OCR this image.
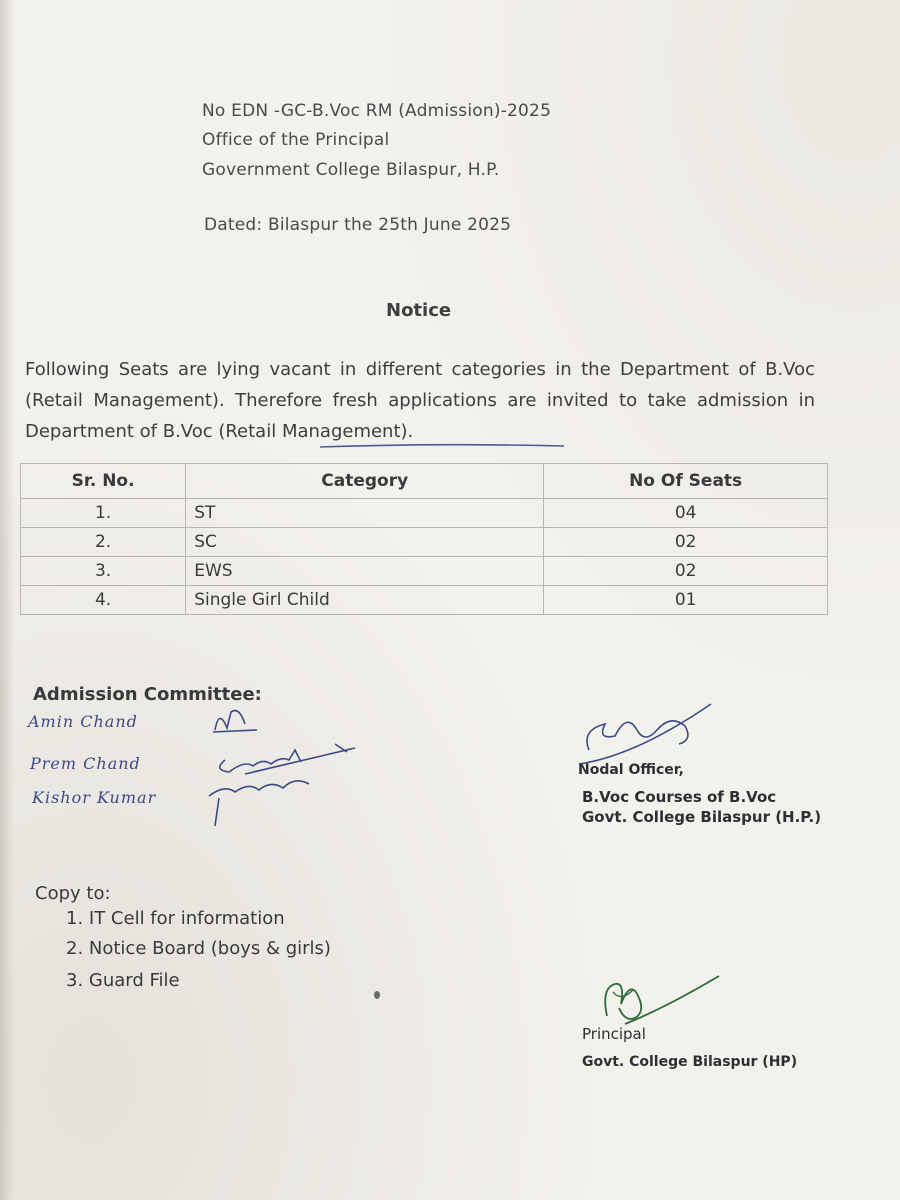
No EDN -GC-B.Voc RM (Admission)-2025
Office of the Principal
Government College Bilaspur, H.P.
Dated: Bilaspur the 25th June 2025
Notice
Following Seats are lying vacant in different categories in the Department of B.Voc (Retail Management). Therefore fresh applications are invited to take admission in Department of B.Voc (Retail Management).
Sr. No.	Category	No Of Seats
1.	ST	04
2.	SC	02
3.	EWS	02
4.	Single Girl Child	01
Admission Committee:
Amin Chand
Prem Chand
Kishor Kumar
Nodal Officer,
B.Voc Courses of B.Voc
Govt. College Bilaspur (H.P.)
Copy to:
1. IT Cell for information
2. Notice Board (boys & girls)
3. Guard File
Principal
Govt. College Bilaspur (HP)
